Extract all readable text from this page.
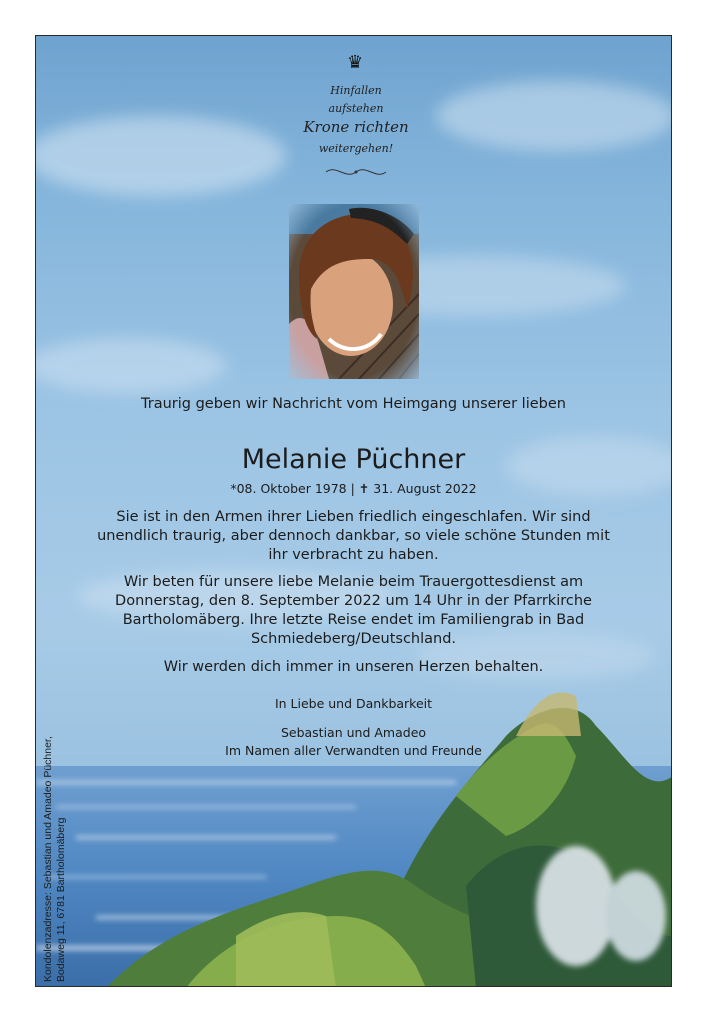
♛
Hinfallen
aufstehen
Krone richten
weitergehen!
Traurig geben wir Nachricht vom Heimgang unserer lieben
Melanie Püchner
*08. Oktober 1978 | ✝ 31. August 2022
Sie ist in den Armen ihrer Lieben friedlich eingeschlafen. Wir sind
unendlich traurig, aber dennoch dankbar, so viele schöne Stunden mit
ihr verbracht zu haben.
Wir beten für unsere liebe Melanie beim Trauergottesdienst am
Donnerstag, den 8. September 2022 um 14 Uhr in der Pfarrkirche
Bartholomäberg. Ihre letzte Reise endet im Familiengrab in Bad
Schmiedeberg/Deutschland.
Wir werden dich immer in unseren Herzen behalten.
In Liebe und Dankbarkeit
Sebastian und Amadeo
Im Namen aller Verwandten und Freunde
Kondolenzadresse: Sebastian und Amadeo Püchner, Bodaweg 11, 6781 Bartholomäberg
